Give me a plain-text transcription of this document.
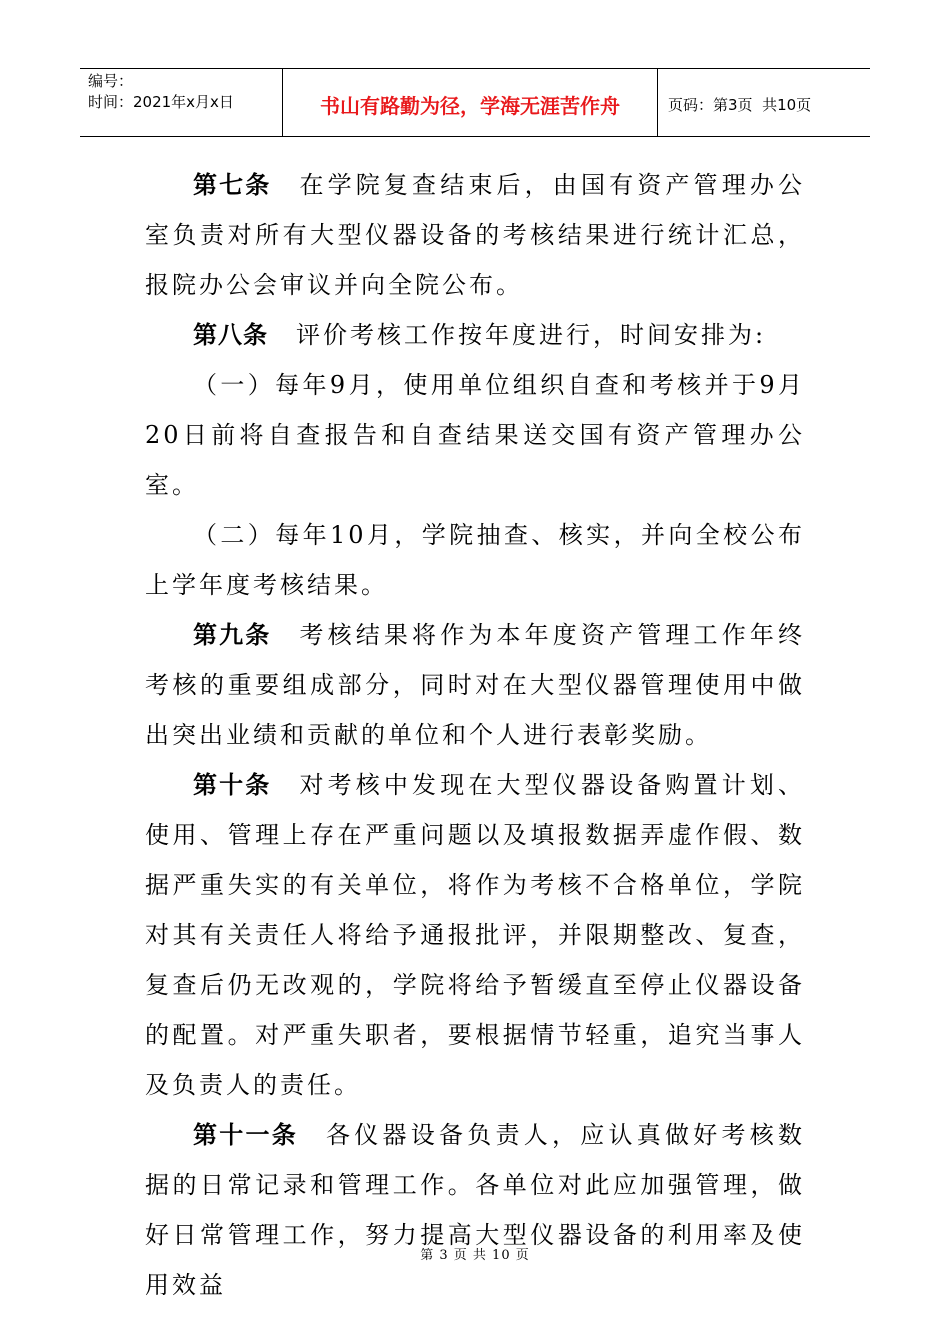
编号：
时间：2021年x月x日	书山有路勤为径，学海无涯苦作舟	页码：第3页  共10页

第七条 在学院复查结束后，由国有资产管理办公室负责对所有大型仪器设备的考核结果进行统计汇总，报院办公会审议并向全院公布。

第八条 评价考核工作按年度进行，时间安排为:

（一）每年9月，使用单位组织自查和考核并于9月20日前将自查报告和自查结果送交国有资产管理办公室。

（二）每年10月，学院抽查、核实，并向全校公布上学年度考核结果。

第九条 考核结果将作为本年度资产管理工作年终考核的重要组成部分，同时对在大型仪器管理使用中做出突出业绩和贡献的单位和个人进行表彰奖励。

第十条 对考核中发现在大型仪器设备购置计划、使用、管理上存在严重问题以及填报数据弄虚作假、数据严重失实的有关单位，将作为考核不合格单位，学院对其有关责任人将给予通报批评，并限期整改、复查，复查后仍无改观的，学院将给予暂缓直至停止仪器设备的配置。对严重失职者，要根据情节轻重，追究当事人及负责人的责任。

第十一条 各仪器设备负责人，应认真做好考核数据的日常记录和管理工作。各单位对此应加强管理，做好日常管理工作，努力提高大型仪器设备的利用率及使用效益

第 3 页 共 10 页
